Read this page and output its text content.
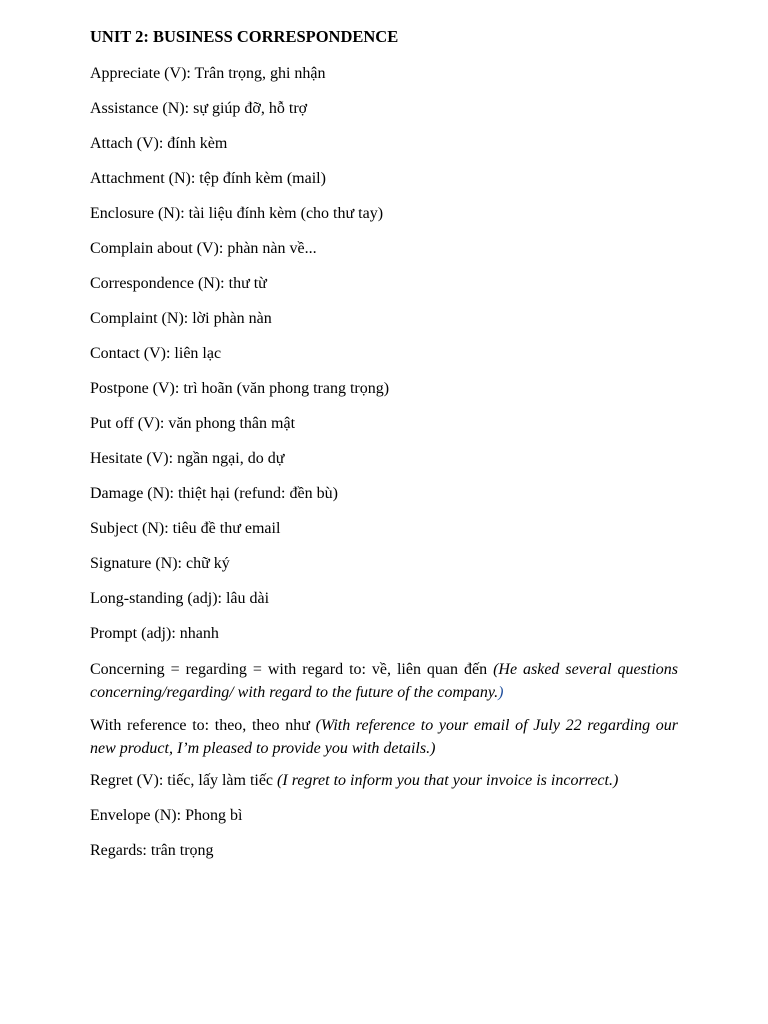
UNIT 2: BUSINESS CORRESPONDENCE
Appreciate (V): Trân trọng, ghi nhận
Assistance (N): sự giúp đỡ, hỗ trợ
Attach (V): đính kèm
Attachment (N): tệp đính kèm (mail)
Enclosure (N): tài liệu đính kèm (cho thư tay)
Complain about (V): phàn nàn về...
Correspondence (N): thư từ
Complaint (N): lời phàn nàn
Contact (V): liên lạc
Postpone (V): trì hoãn (văn phong trang trọng)
Put off (V): văn phong thân mật
Hesitate (V): ngần ngại, do dự
Damage (N): thiệt hại (refund: đền bù)
Subject (N): tiêu đề thư email
Signature (N): chữ ký
Long-standing (adj): lâu dài
Prompt (adj): nhanh
Concerning = regarding = with regard to: về, liên quan đến (He asked several questions concerning/regarding/ with regard to the future of the company.)
With reference to: theo, theo như (With reference to your email of July 22 regarding our new product, I’m pleased to provide you with details.)
Regret (V): tiếc, lấy làm tiếc (I regret to inform you that your invoice is incorrect.)
Envelope (N): Phong bì
Regards: trân trọng
